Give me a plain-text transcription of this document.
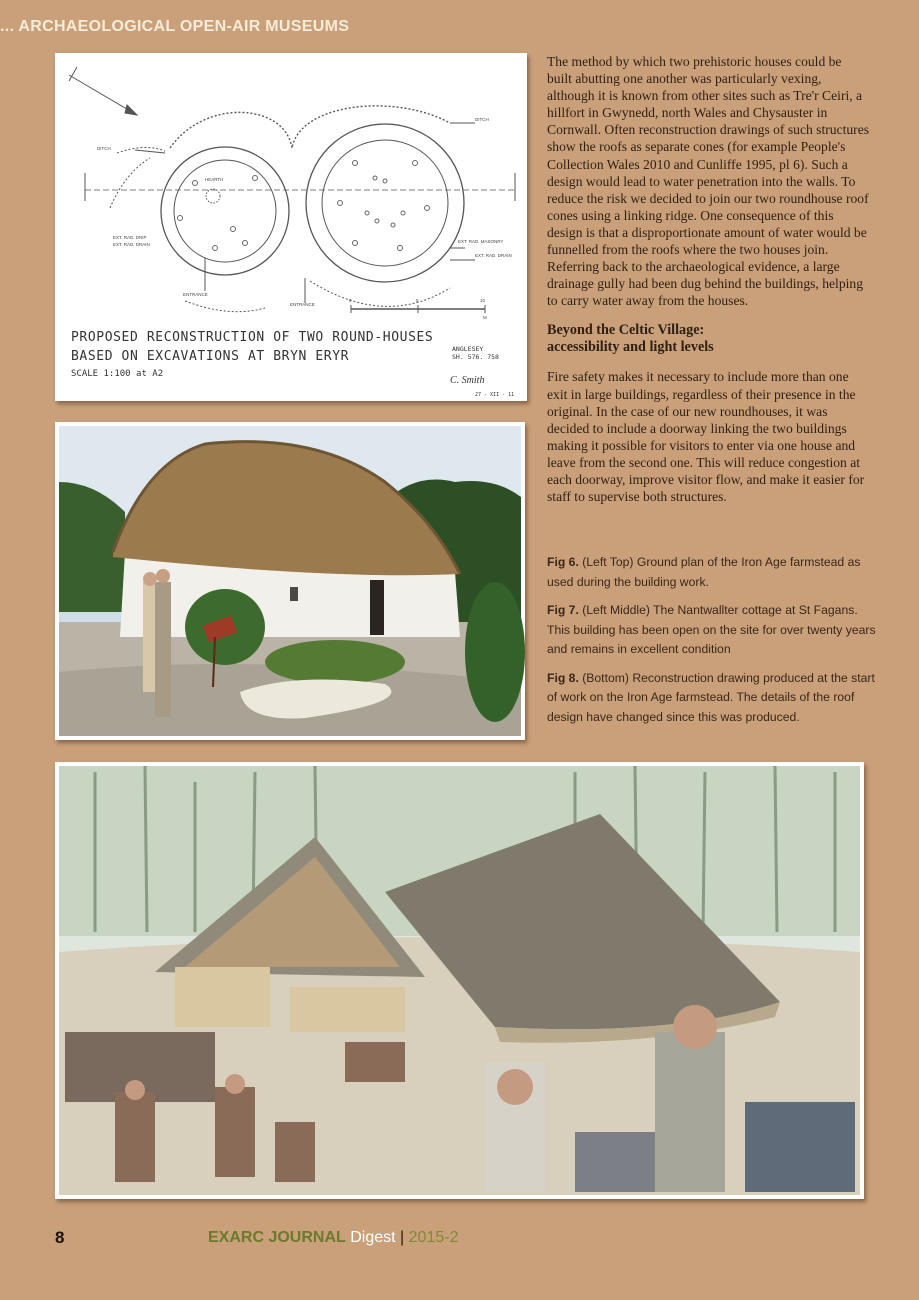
... ARCHAEOLOGICAL OPEN-AIR MUSEUMS
DITCH
DITCH
HEARTH
EXT. RAD. DRIP
EXT. RAD. DRAIN
EXT. RAD. MASONRY
EXT. RAD. DRAIN
ENTRANCE
ENTRANCE
0	5	10
M
PROPOSED RECONSTRUCTION OF TWO ROUND-HOUSES
BASED ON EXCAVATIONS AT BRYN ERYR	ANGLESEY
SH. 576. 758
SCALE 1:100 at A2
C. Smith
27 - XII - 11

The method by which two prehistoric houses could be built abutting one another was particularly vexing, although it is known from other sites such as Tre'r Ceiri, a hillfort in Gwynedd, north Wales and Chysauster in Cornwall. Often reconstruction drawings of such structures show the roofs as separate cones (for example People's Collection Wales 2010 and Cunliffe 1995, pl 6). Such a design would lead to water penetration into the walls. To reduce the risk we decided to join our two roundhouse roof cones using a linking ridge. One consequence of this design is that a disproportionate amount of water would be funnelled from the roofs where the two houses join. Referring back to the archaeological evidence, a large drainage gully had been dug behind the buildings, helping to carry water away from the houses.

Beyond the Celtic Village:
accessibility and light levels

Fire safety makes it necessary to include more than one exit in large buildings, regardless of their presence in the original. In the case of our new roundhouses, it was decided to include a doorway linking the two buildings making it possible for visitors to enter via one house and leave from the second one. This will reduce congestion at each doorway, improve visitor flow, and make it easier for staff to supervise both structures.

Fig 6. (Left Top) Ground plan of the Iron Age farmstead as used during the building work.

Fig 7. (Left Middle) The Nantwallter cottage at St Fagans. This building has been open on the site for over twenty years and remains in excellent condition

Fig 8. (Bottom) Reconstruction drawing produced at the start of work on the Iron Age farmstead. The details of the roof design have changed since this was produced.

8	EXARC JOURNAL Digest | 2015-2
